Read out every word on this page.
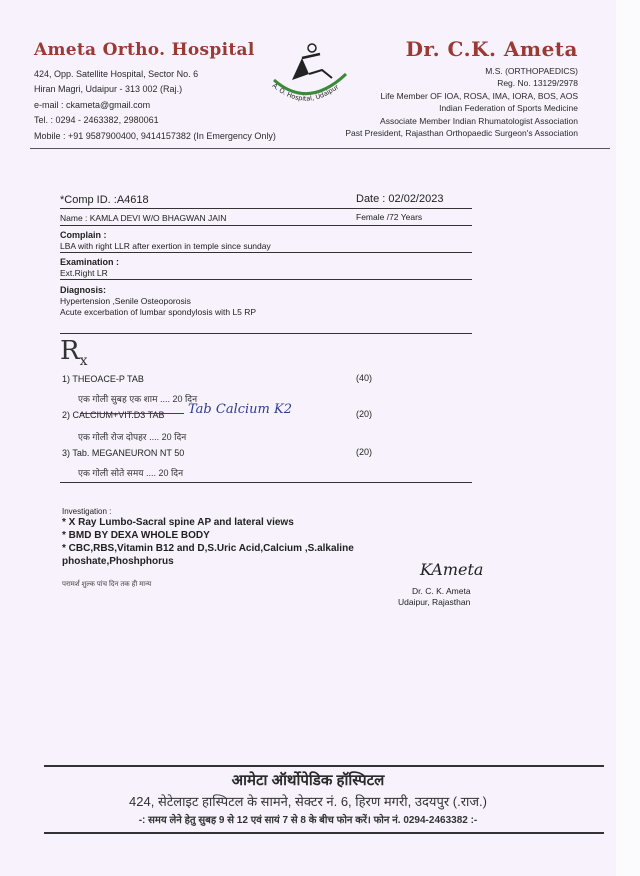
Ameta Ortho. Hospital
424, Opp. Satellite Hospital, Sector No. 6
Hiran Magri, Udaipur - 313 002 (Raj.)
e-mail : ckameta@gmail.com
Tel. : 0294 - 2463382, 2980061
Mobile : +91 9587900400, 9414157382 (In Emergency Only)
A. O. Hospital, Udaipur
Dr. C.K. Ameta
M.S. (ORTHOPAEDICS)
Reg. No. 13129/2978
Life Member OF IOA, ROSA, IMA, IORA, BOS, AOS
Indian Federation of Sports Medicine
Associate Member Indian Rhumatologist Association
Past President, Rajasthan Orthopaedic Surgeon's Association
*Comp ID. :A4618	Date : 02/02/2023
Name : KAMLA DEVI W/O BHAGWAN JAIN	Female /72 Years
Complain :
LBA with right LLR after exertion in temple since sunday
Examination :
Ext.Right LR
Diagnosis:
Hypertension ,Senile Osteoporosis
Acute excerbation of lumbar spondylosis with L5 RP
$R_x$
1) THEOACE-P TAB	(40)
एक गोली सुबह एक शाम .... 20 दिन
2) CALCIUM+VIT.D3 TAB Tab Calcium K2	(20)
एक गोली रोज दोपहर .... 20 दिन
3) Tab. MEGANEURON NT 50	(20)
एक गोली सोते समय .... 20 दिन
Investigation :
* X Ray Lumbo-Sacral spine AP and lateral views
* BMD BY DEXA WHOLE BODY
* CBC,RBS,Vitamin B12 and D,S.Uric Acid,Calcium ,S.alkaline
phoshate,Phoshphorus
परामर्श शुल्क पांच दिन तक ही मान्य
KAmeta
Dr. C. K. Ameta
Udaipur, Rajasthan
आमेटा ऑर्थोपेडिक हॉस्पिटल
424, सेटेलाइट हास्पिटल के सामने, सेक्टर नं. 6, हिरण मगरी, उदयपुर (.राज.)
-: समय लेने हेतु सुबह 9 से 12 एवं सायं 7 से 8 के बीच फोन करें। फोन नं. 0294-2463382 :-
